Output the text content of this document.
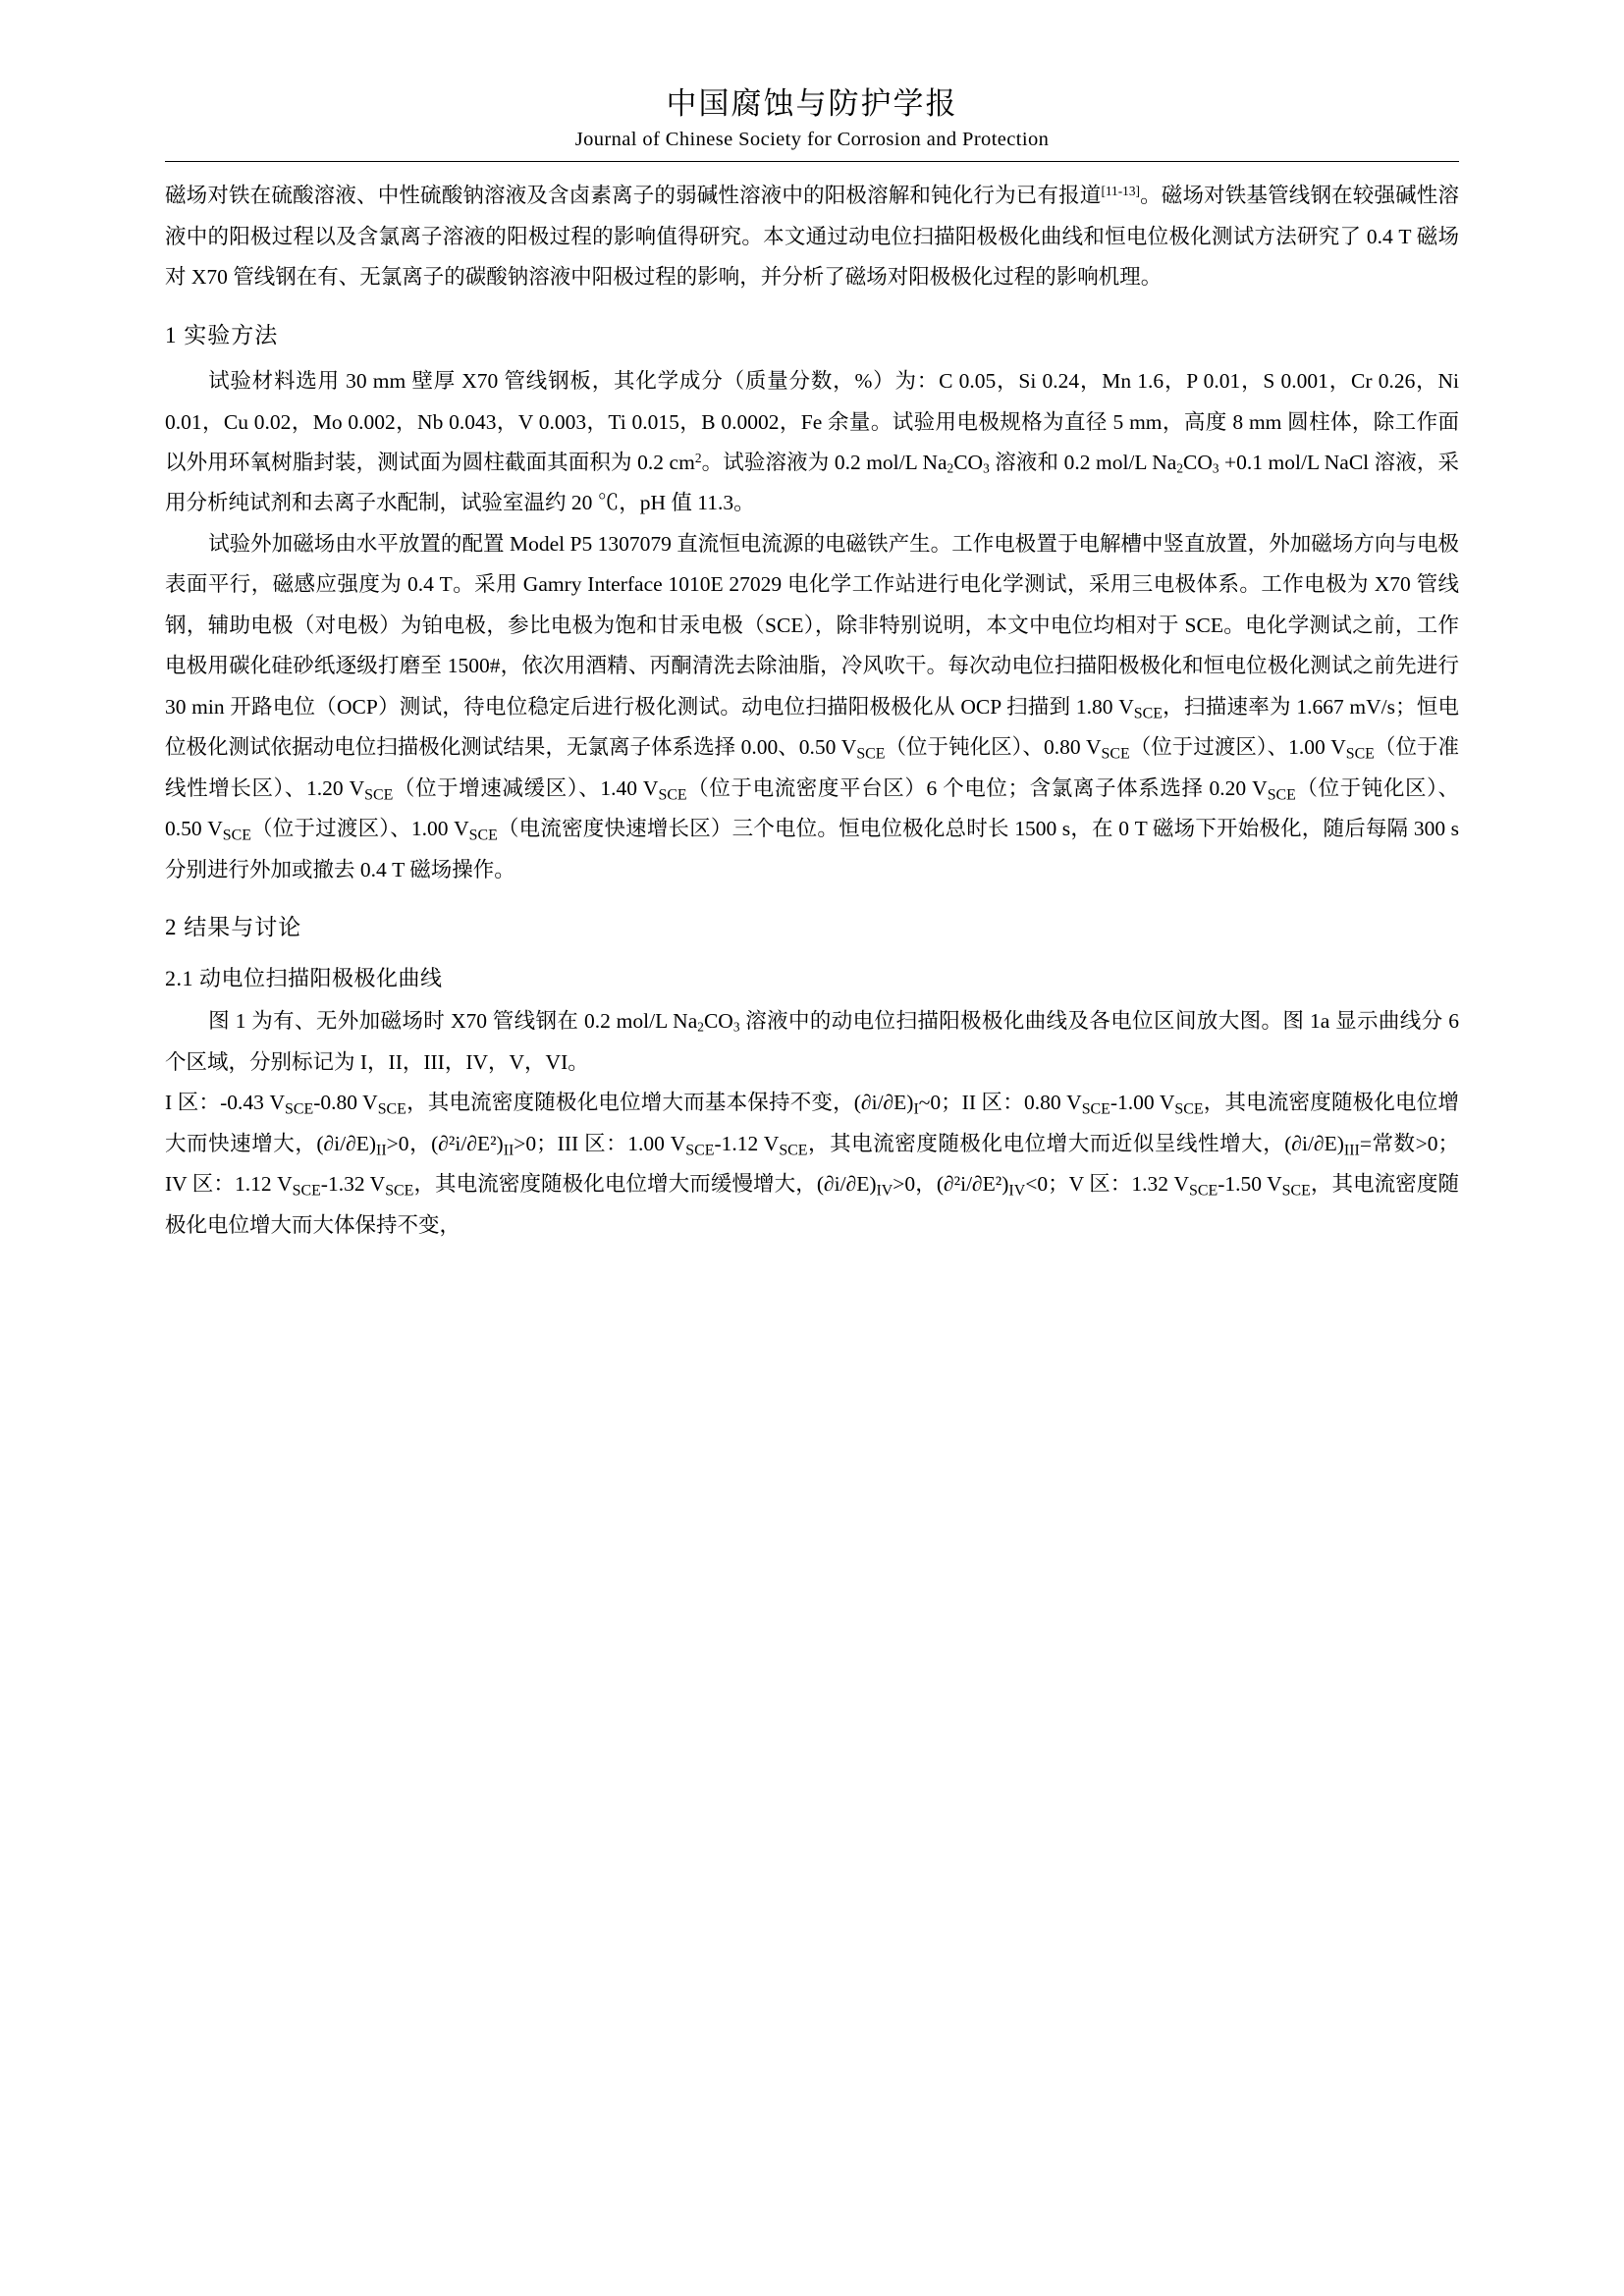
中国腐蚀与防护学报
Journal of Chinese Society for Corrosion and Protection

磁场对铁在硫酸溶液、中性硫酸钠溶液及含卤素离子的弱碱性溶液中的阳极溶解和钝化行为已有报道[11-13]。磁场对铁基管线钢在较强碱性溶液中的阳极过程以及含氯离子溶液的阳极过程的影响值得研究。本文通过动电位扫描阳极极化曲线和恒电位极化测试方法研究了 0.4 T 磁场对 X70 管线钢在有、无氯离子的碳酸钠溶液中阳极过程的影响，并分析了磁场对阳极极化过程的影响机理。

1 实验方法

试验材料选用 30 mm 壁厚 X70 管线钢板，其化学成分（质量分数，%）为：C 0.05，Si 0.24，Mn 1.6，P 0.01，S 0.001，Cr 0.26，Ni 0.01，Cu 0.02，Mo 0.002，Nb 0.043，V 0.003，Ti 0.015，B 0.0002，Fe 余量。试验用电极规格为直径 5 mm，高度 8 mm 圆柱体，除工作面以外用环氧树脂封装，测试面为圆柱截面其面积为 0.2 $cm^2$。试验溶液为 0.2 mol/L $Na_2CO_3$ 溶液和 0.2 mol/L $Na_2CO_3 +0.1$ mol/L NaCl 溶液，采用分析纯试剂和去离子水配制，试验室温约 20 ℃，pH 值 11.3。

试验外加磁场由水平放置的配置 Model P5 1307079 直流恒电流源的电磁铁产生。工作电极置于电解槽中竖直放置，外加磁场方向与电极表面平行，磁感应强度为 0.4 T。采用 Gamry Interface 1010E 27029 电化学工作站进行电化学测试，采用三电极体系。工作电极为 X70 管线钢，辅助电极（对电极）为铂电极，参比电极为饱和甘汞电极（SCE），除非特别说明，本文中电位均相对于 SCE。电化学测试之前，工作电极用碳化硅砂纸逐级打磨至 1500#，依次用酒精、丙酮清洗去除油脂，冷风吹干。每次动电位扫描阳极极化和恒电位极化测试之前先进行 30 min 开路电位（OCP）测试，待电位稳定后进行极化测试。动电位扫描阳极极化从 OCP 扫描到 1.80 $V_{SCE}$，扫描速率为 1.667 mV/s；恒电位极化测试依据动电位扫描极化测试结果，无氯离子体系选择 0.00、0.50 $V_{SCE}$（位于钝化区）、0.80 $V_{SCE}$（位于过渡区）、1.00 $V_{SCE}$（位于准线性增长区）、1.20 $V_{SCE}$（位于增速减缓区）、1.40 $V_{SCE}$（位于电流密度平台区）6 个电位；含氯离子体系选择 0.20 $V_{SCE}$（位于钝化区）、0.50 $V_{SCE}$（位于过渡区）、1.00 $V_{SCE}$（电流密度快速增长区）三个电位。恒电位极化总时长 1500 s，在 0 T 磁场下开始极化，随后每隔 300 s 分别进行外加或撤去 0.4 T 磁场操作。

2 结果与讨论
2.1 动电位扫描阳极极化曲线

图 1 为有、无外加磁场时 X70 管线钢在 0.2 mol/L $Na_2CO_3$ 溶液中的动电位扫描阳极极化曲线及各电位区间放大图。图 1a 显示曲线分 6 个区域，分别标记为 I，II，III，IV，V，VI。

I 区：-0.43 $V_{SCE}-0.80$ $V_{SCE}$，其电流密度随极化电位增大而基本保持不变，$(\partial i/\partial E)_I\sim 0$；II 区：0.80 $V_{SCE}-1.00$ $V_{SCE}$，其电流密度随极化电位增大而快速增大，$(\partial i/\partial E)_{II}>0$，$(\partial^2i/\partial E^2)_{II}>0$；III 区：1.00 $V_{SCE}-1.12$ $V_{SCE}$，其电流密度随极化电位增大而近似呈线性增大，$(\partial i/\partial E)_{III}=$常数>0；IV 区：1.12 $V_{SCE}-1.32$ $V_{SCE}$，其电流密度随极化电位增大而缓慢增大，$(\partial i/\partial E)_{IV}>0$，$(\partial^2i/\partial E^2)_{IV}<0$；V 区：1.32 $V_{SCE}-1.50$ $V_{SCE}$，其电流密度随极化电位增大而大体保持不变，
